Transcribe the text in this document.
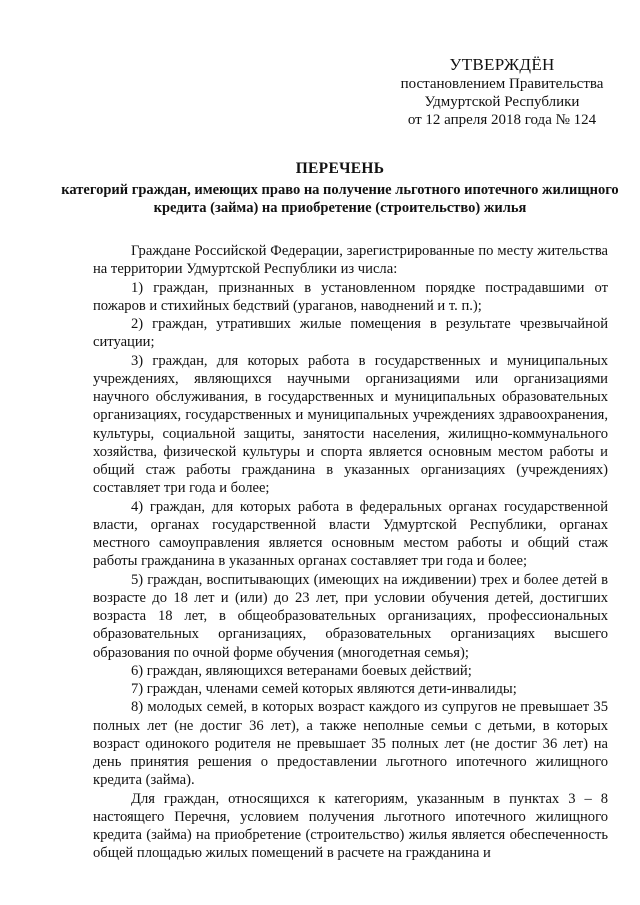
УТВЕРЖДЁН
постановлением Правительства
Удмуртской Республики
от 12 апреля 2018 года № 124
ПЕРЕЧЕНЬ
категорий граждан, имеющих право на получение льготного ипотечного жилищного кредита (займа) на приобретение (строительство) жилья

Граждане Российской Федерации, зарегистрированные по месту жительства на территории Удмуртской Республики из числа:

1) граждан, признанных в установленном порядке пострадавшими от пожаров и стихийных бедствий (ураганов, наводнений и т. п.);

2) граждан, утративших жилые помещения в результате чрезвычайной ситуации;

3) граждан, для которых работа в государственных и муниципальных учреждениях, являющихся научными организациями или организациями научного обслуживания, в государственных и муниципальных образовательных организациях, государственных и муниципальных учреждениях здравоохранения, культуры, социальной защиты, занятости населения, жилищно-коммунального хозяйства, физической культуры и спорта является основным местом работы и общий стаж работы гражданина в указанных организациях (учреждениях) составляет три года и более;

4) граждан, для которых работа в федеральных органах государственной власти, органах государственной власти Удмуртской Республики, органах местного самоуправления является основным местом работы и общий стаж работы гражданина в указанных органах составляет три года и более;

5) граждан, воспитывающих (имеющих на иждивении) трех и более детей в возрасте до 18 лет и (или) до 23 лет, при условии обучения детей, достигших возраста 18 лет, в общеобразовательных организациях, профессиональных образовательных организациях, образовательных организациях высшего образования по очной форме обучения (многодетная семья);

6) граждан, являющихся ветеранами боевых действий;

7) граждан, членами семей которых являются дети-инвалиды;

8) молодых семей, в которых возраст каждого из супругов не превышает 35 полных лет (не достиг 36 лет), а также неполные семьи с детьми, в которых возраст одинокого родителя не превышает 35 полных лет (не достиг 36 лет) на день принятия решения о предоставлении льготного ипотечного жилищного кредита (займа).

Для граждан, относящихся к категориям, указанным в пунктах 3 – 8 настоящего Перечня, условием получения льготного ипотечного жилищного кредита (займа) на приобретение (строительство) жилья является обеспеченность общей площадью жилых помещений в расчете на гражданина и
